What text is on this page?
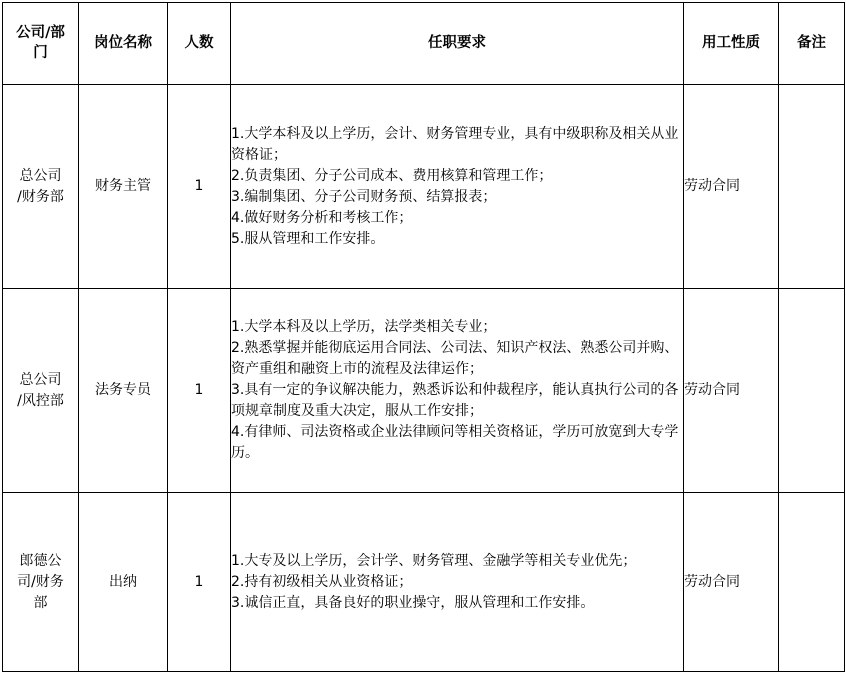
公司/部门	岗位名称	人数	任职要求	用工性质	备注

总公司
/财务部	财务主管	1	1.大学本科及以上学历，会计、财务管理专业，具有中级职称及相关从业资格证；
2.负责集团、分子公司成本、费用核算和管理工作；
3.编制集团、分子公司财务预、结算报表；
4.做好财务分析和考核工作；
5.服从管理和工作安排。	劳动合同	

总公司
/风控部	法务专员	1	1.大学本科及以上学历，法学类相关专业；
2.熟悉掌握并能彻底运用合同法、公司法、知识产权法、熟悉公司并购、资产重组和融资上市的流程及法律运作；
3.具有一定的争议解决能力，熟悉诉讼和仲裁程序，能认真执行公司的各项规章制度及重大决定，服从工作安排；
4.有律师、司法资格或企业法律顾问等相关资格证，学历可放宽到大专学历。	劳动合同	

郎德公
司/财务
部	出纳	1	1.大专及以上学历，会计学、财务管理、金融学等相关专业优先；
2.持有初级相关从业资格证；
3.诚信正直，具备良好的职业操守，服从管理和工作安排。	劳动合同	
